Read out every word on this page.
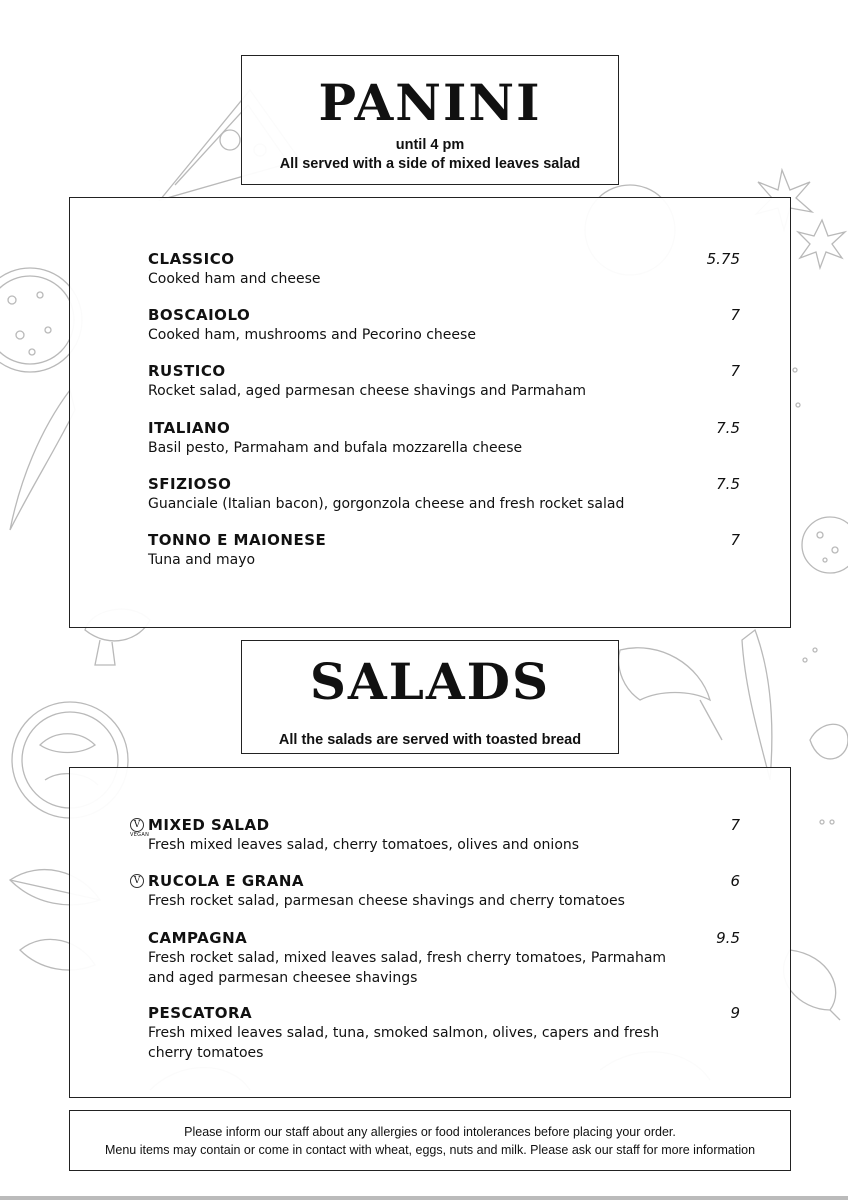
PANINI
until 4 pm
All served with a side of mixed leaves salad
CLASSICO
Cooked ham and cheese
5.75
BOSCAIOLO
Cooked ham, mushrooms and Pecorino cheese
7
RUSTICO
Rocket salad, aged parmesan cheese shavings and Parmaham
7
ITALIANO
Basil pesto, Parmaham and bufala mozzarella cheese
7.5
SFIZIOSO
Guanciale (Italian bacon), gorgonzola cheese and fresh rocket salad
7.5
TONNO E MAIONESE
Tuna and mayo
7
SALADS
All the salads are served with toasted bread
V
VEGAN
MIXED SALAD
Fresh mixed leaves salad, cherry tomatoes, olives and onions
7
V RUCOLA E GRANA
Fresh rocket salad, parmesan cheese shavings and cherry tomatoes
6
CAMPAGNA
Fresh rocket salad, mixed leaves salad, fresh cherry tomatoes, Parmaham and aged parmesan cheesee shavings
9.5
PESCATORA
Fresh mixed leaves salad, tuna, smoked salmon, olives, capers and fresh cherry tomatoes
9
Please inform our staff about any allergies or food intolerances before placing your order.
Menu items may contain or come in contact with wheat, eggs, nuts and milk. Please ask our staff for more information
